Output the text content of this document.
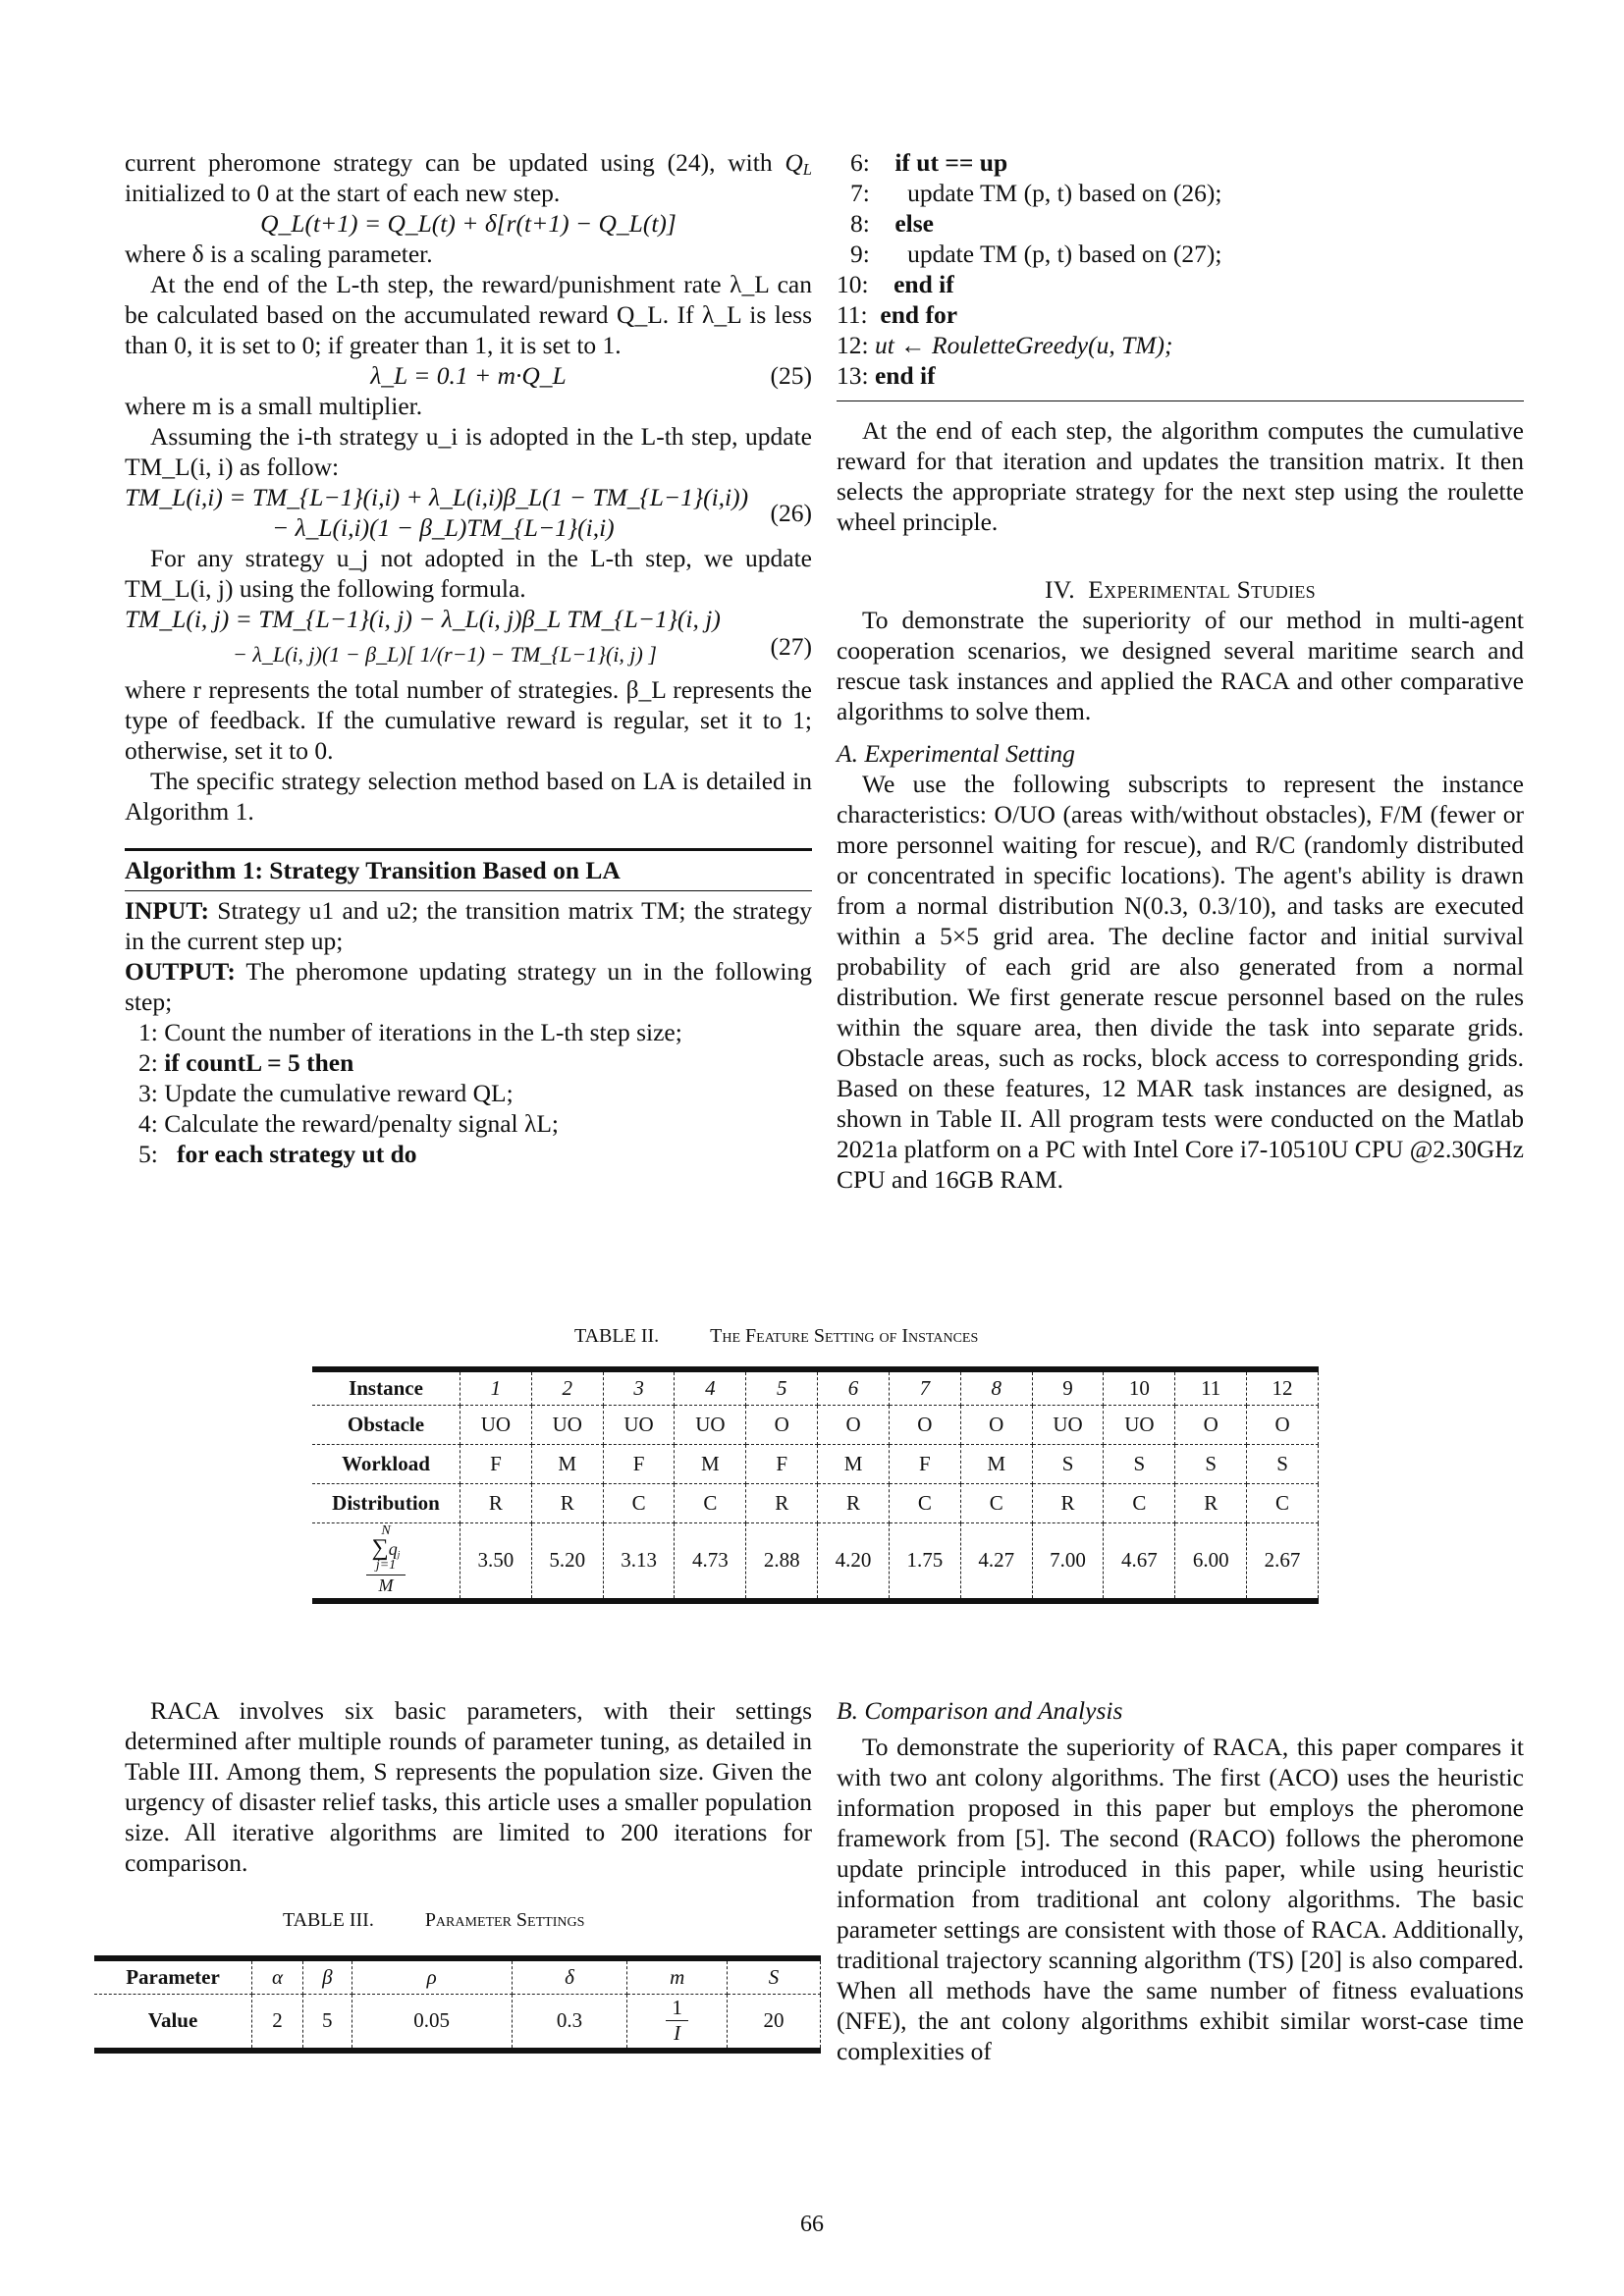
current pheromone strategy can be updated using (24), with $Q_L$ initialized to 0 at the start of each new step.

Q_L(t+1) = Q_L(t) + δ[r(t+1) − Q_L(t)]

where δ is a scaling parameter.

At the end of the L-th step, the reward/punishment rate λ_L can be calculated based on the accumulated reward Q_L. If λ_L is less than 0, it is set to 0; if greater than 1, it is set to 1.

λ_L = 0.1 + m·Q_L	(25)

where m is a small multiplier.

Assuming the i-th strategy u_i is adopted in the L-th step, update TM_L(i, i) as follow:

TM_L(i,i) = TM_{L−1}(i,i) + λ_L(i,i)β_L(1 − TM_{L−1}(i,i))
− λ_L(i,i)(1 − β_L)TM_{L−1}(i,i)
(26)

For any strategy u_j not adopted in the L-th step, we update TM_L(i, j) using the following formula.

TM_L(i, j) = TM_{L−1}(i, j) − λ_L(i, j)β_L TM_{L−1}(i, j)
− λ_L(i, j)(1 − β_L)[ 1/(r−1) − TM_{L−1}(i, j) ]	(27)

where r represents the total number of strategies. β_L represents the type of feedback. If the cumulative reward is regular, set it to 1; otherwise, set it to 0.

The specific strategy selection method based on LA is detailed in Algorithm 1.

Algorithm 1: Strategy Transition Based on LA

INPUT: Strategy u1 and u2; the transition matrix TM; the strategy in the current step up;

OUTPUT: The pheromone updating strategy un in the following step;

1: Count the number of iterations in the L-th step size;

2: if countL = 5 then

3: Update the cumulative reward QL;

4: Calculate the reward/penalty signal λL;

5: for each strategy ut do

RACA involves six basic parameters, with their settings determined after multiple rounds of parameter tuning, as detailed in Table III. Among them, S represents the population size. Given the urgency of disaster relief tasks, this article uses a smaller population size. All iterative algorithms are limited to 200 iterations for comparison.

6: if ut == up

7: update TM (p, t) based on (26);

8: else

9: update TM (p, t) based on (27);

10: end if

11: end for

12: ut ← RouletteGreedy(u, TM);

13: end if

At the end of each step, the algorithm computes the cumulative reward for that iteration and updates the transition matrix. It then selects the appropriate strategy for the next step using the roulette wheel principle.

IV. Experimental Studies

To demonstrate the superiority of our method in multi-agent cooperation scenarios, we designed several maritime search and rescue task instances and applied the RACA and other comparative algorithms to solve them.

A. Experimental Setting

We use the following subscripts to represent the instance characteristics: O/UO (areas with/without obstacles), F/M (fewer or more personnel waiting for rescue), and R/C (randomly distributed or concentrated in specific locations). The agent's ability is drawn from a normal distribution N(0.3, 0.3/10), and tasks are executed within a 5×5 grid area. The decline factor and initial survival probability of each grid are also generated from a normal distribution. We first generate rescue personnel based on the rules within the square area, then divide the task into separate grids. Obstacle areas, such as rocks, block access to corresponding grids. Based on these features, 12 MAR task instances are designed, as shown in Table II. All program tests were conducted on the Matlab 2021a platform on a PC with Intel Core i7-10510U CPU @2.30GHz CPU and 16GB RAM.

B. Comparison and Analysis

To demonstrate the superiority of RACA, this paper compares it with two ant colony algorithms. The first (ACO) uses the heuristic information proposed in this paper but employs the pheromone framework from [5]. The second (RACO) follows the pheromone update principle introduced in this paper, while using heuristic information from traditional ant colony algorithms. The basic parameter settings are consistent with those of RACA. Additionally, traditional trajectory scanning algorithm (TS) [20] is also compared. When all methods have the same number of fitness evaluations (NFE), the ant colony algorithms exhibit similar worst-case time complexities of

TABLE II.	The Feature Setting of Instances
Instance	1	2	3	4	5	6	7	8	9	10	11	12
Obstacle	UO	UO	UO	UO	O	O	O	O	UO	UO	O	O
Workload	F	M	F	M	F	M	F	M	S	S	S	S
Distribution	R	R	C	C	R	R	C	C	R	C	R	C

N
$\sum q_j$
j=1
M	3.50	5.20	3.13	4.73	2.88	4.20	1.75	4.27	7.00	4.67	6.00	2.67
TABLE III.	Parameter Settings
Parameter	α	β	ρ	δ	m	S
Value	2	5	0.05	0.3	$\frac{1}{I}$	20
66
